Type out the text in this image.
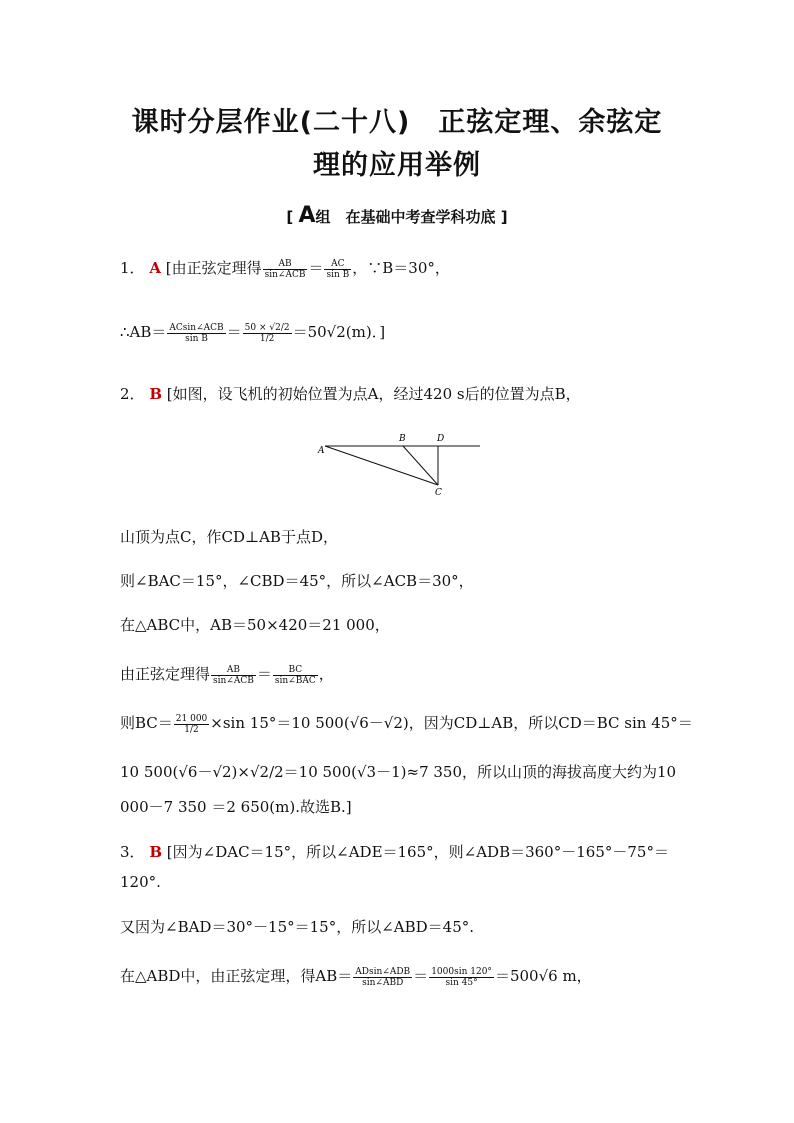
课时分层作业(二十八)　正弦定理、余弦定
理的应用举例
[ A组　在基础中考查学科功底 ]
1． A [由正弦定理得 $\frac{AB}{\text{sin∠ACB}} = \frac{AC}{\text{sin B}}$ ，∵B＝30°，
∴AB＝ $\frac{\text{ACsin∠ACB}}{\text{sin B}} = \frac{50 \times √2/2}{1/2} =50√2(m)$．]
2． B [如图，设飞机的初始位置为点A，经过420 s后的位置为点B，
A
B	D
C
山顶为点C，作CD⊥AB于点D，
则∠BAC＝15°，∠CBD＝45°，所以∠ACB＝30°，
在△ABC中，AB＝50×420＝21 000，
由正弦定理得 $\frac{AB}{\text{sin∠ACB}} = \frac{BC}{\text{sin∠BAC}}$ ，
则$BC= \frac{21 000}{1/2} \times\sin$ 15°＝10 500(√6－√2)，因为CD⊥AB，所以CD＝BC sin 45°＝
10 500(√6－√2)×√2/2＝10 500(√3－1)≈7 350，所以山顶的海拔高度大约为10
000－7 350 ＝2 650(m).故选B.]
3． B [因为∠DAC＝15°，所以∠ADE＝165°，则∠ADB＝360°－165°－75°＝
120°.
又因为∠BAD＝30°－15°＝15°，所以∠ABD＝45°.
在△ABD中，由正弦定理，得$AB= \frac{\text{ADsin∠ADB}}{\text{sin∠ABD}} = \frac{1000\sin 120^\circ}{\sin 45^\circ} =500√6$ m，
